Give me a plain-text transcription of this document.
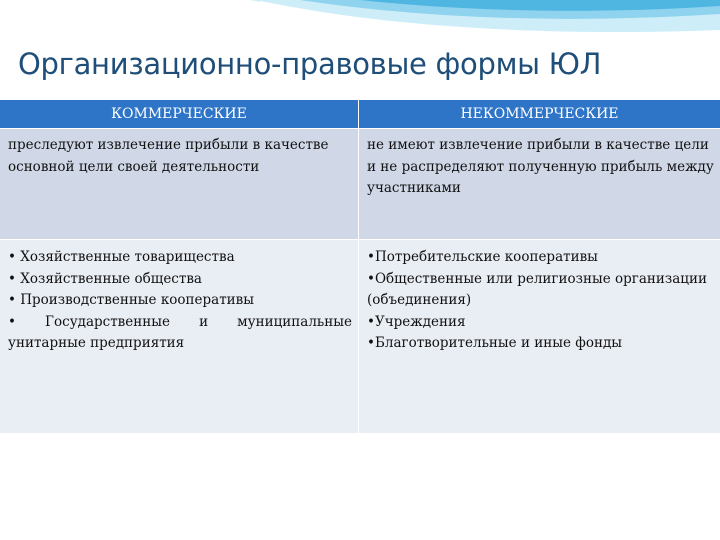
Организационно-правовые формы ЮЛ
КОММЕРЧЕСКИЕ	НЕКОММЕРЧЕСКИЕ
преследуют извлечение прибыли в качестве основной цели своей деятельности
не имеют извлечение прибыли в качестве цели и не распределяют полученную прибыль между участниками
• Хозяйственные товарищества
• Хозяйственные общества
• Производственные кооперативы
• Государственные и муниципальные унитарные предприятия
•Потребительские кооперативы
•Общественные или религиозные организации (объединения)
•Учреждения
•Благотворительные и иные фонды
